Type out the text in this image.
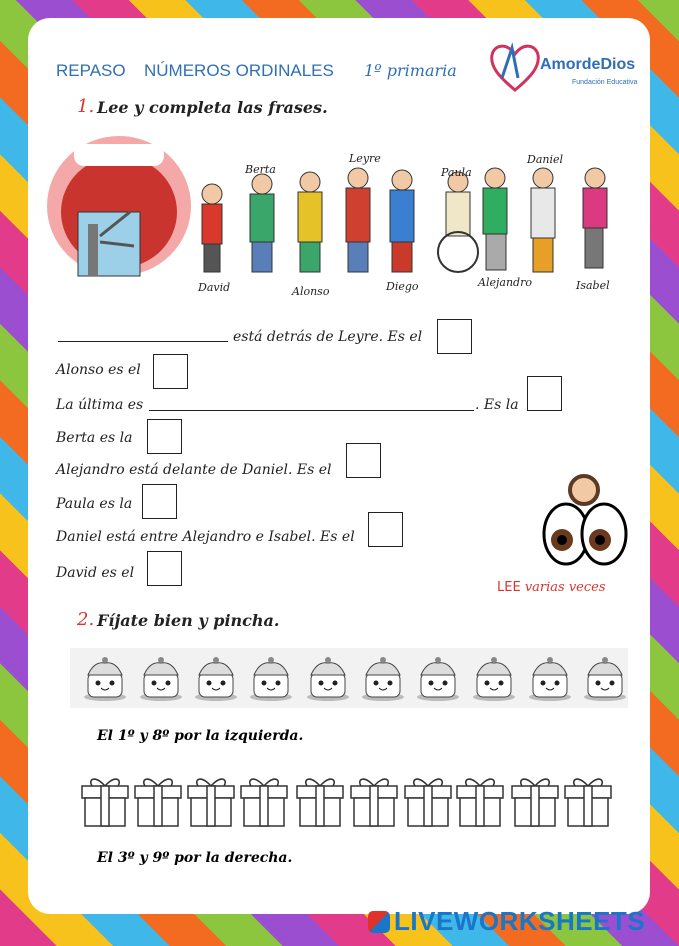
REPASO NÚMEROS ORDINALES 1º primaria	AmordeDios
Fundación Educativa
1. Lee y completa las frases.
Berta
Leyre
Paula
Daniel
David	Alonso	Diego	Alejandro	Isabel
está detrás de Leyre. Es el
Alonso es el
La última es	. Es la
Berta es la
Alejandro está delante de Daniel. Es el
Paula es la
Daniel está entre Alejandro e Isabel. Es el
David es el
LEE varias veces
2. Fíjate bien y pincha.
El 1º y 8º por la izquierda.
El 3º y 9º por la derecha.
LIVEWORKSHEETS
